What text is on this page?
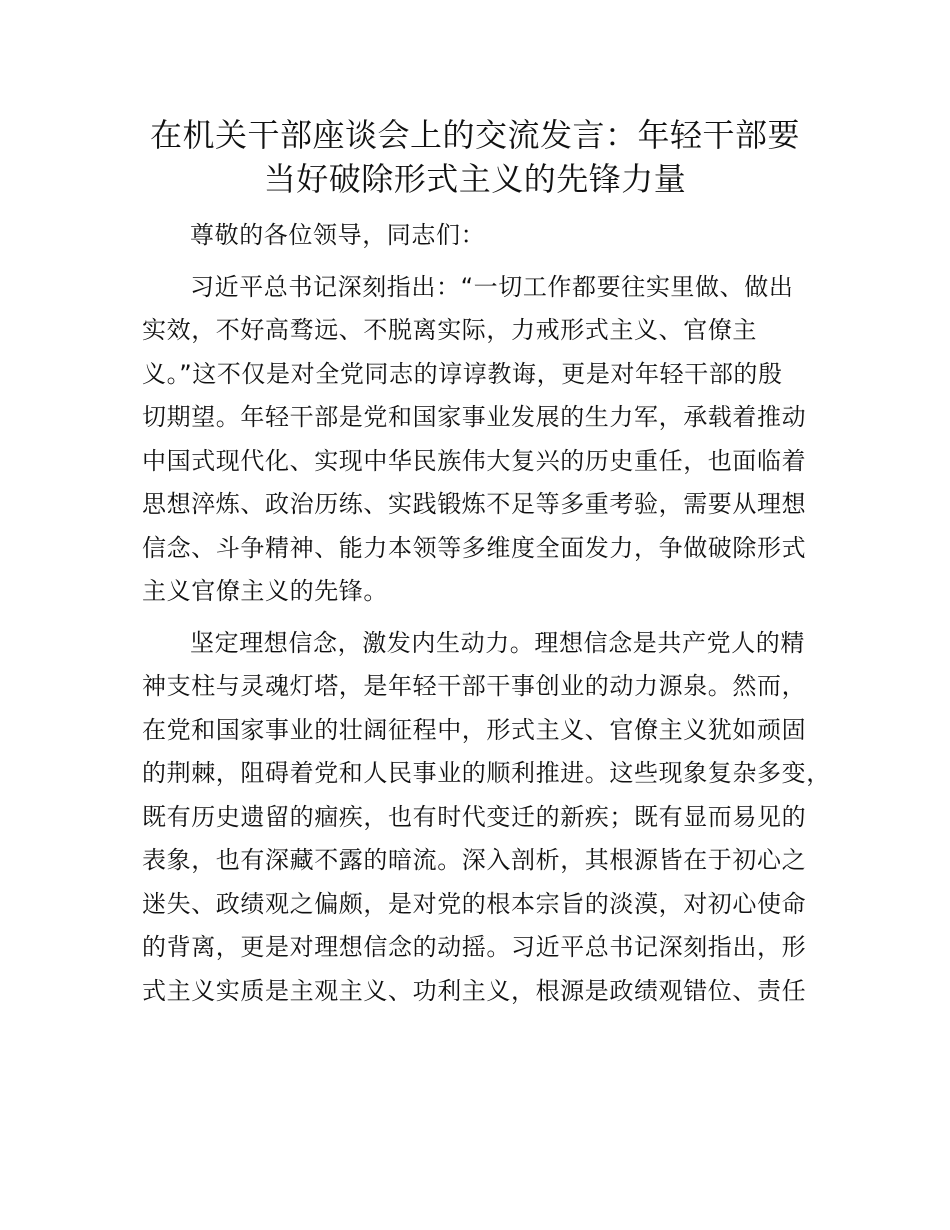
在机关干部座谈会上的交流发言：年轻干部要
当好破除形式主义的先锋力量

尊敬的各位领导，同志们：

习近平总书记深刻指出：“一切工作都要往实里做、做出
实效，不好高骛远、不脱离实际，力戒形式主义、官僚主
义。”这不仅是对全党同志的谆谆教诲，更是对年轻干部的殷
切期望。年轻干部是党和国家事业发展的生力军，承载着推动
中国式现代化、实现中华民族伟大复兴的历史重任，也面临着
思想淬炼、政治历练、实践锻炼不足等多重考验，需要从理想
信念、斗争精神、能力本领等多维度全面发力，争做破除形式
主义官僚主义的先锋。

坚定理想信念，激发内生动力。理想信念是共产党人的精
神支柱与灵魂灯塔，是年轻干部干事创业的动力源泉。然而，
在党和国家事业的壮阔征程中，形式主义、官僚主义犹如顽固
的荆棘，阻碍着党和人民事业的顺利推进。这些现象复杂多变，
既有历史遗留的痼疾，也有时代变迁的新疾；既有显而易见的
表象，也有深藏不露的暗流。深入剖析，其根源皆在于初心之
迷失、政绩观之偏颇，是对党的根本宗旨的淡漠，对初心使命
的背离，更是对理想信念的动摇。习近平总书记深刻指出，形
式主义实质是主观主义、功利主义，根源是政绩观错位、责任
